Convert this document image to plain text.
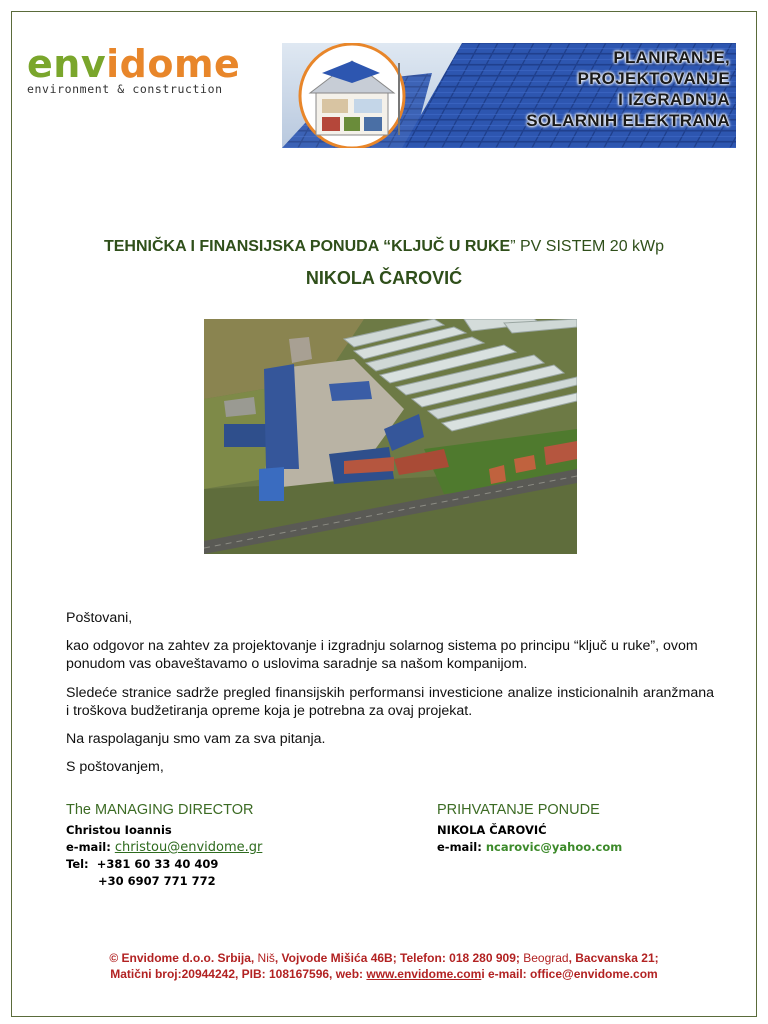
envidome
environment & construction
PLANIRANJE,
PROJEKTOVANJE
I IZGRADNJA
SOLARNIH ELEKTRANA
TEHNIČKA I FINANSIJSKA PONUDA “KLJUČ U RUKE” PV SISTEM 20 kWp
NIKOLA ČAROVIĆ
Poštovani,
kao odgovor na zahtev za projektovanje i izgradnju solarnog sistema po principu “ključ u ruke”, ovom ponudom vas obaveštavamo o uslovima saradnje sa našom kompanijom.
Sledeće stranice sadrže pregled finansijskih performansi investicione analize insticionalnih aranžmana i troškova budžetiranja opreme koja je potrebna za ovaj projekat.
Na raspolaganju smo vam za sva pitanja.
S poštovanjem,
The MANAGING DIRECTOR
Christou Ioannis
e-mail: christou@envidome.gr
Tel: +381 60 33 40 409
+30 6907 771 772
PRIHVATANJE PONUDE
NIKOLA ČAROVIĆ
e-mail: ncarovic@yahoo.com
© Envidome d.o.o. Srbija, Niš, Vojvode Mišića 46B; Telefon: 018 280 909; Beograd, Bacvanska 21;
Matični broj:20944242, PIB: 108167596, web: www.envidome.comi e-mail: office@envidome.com
